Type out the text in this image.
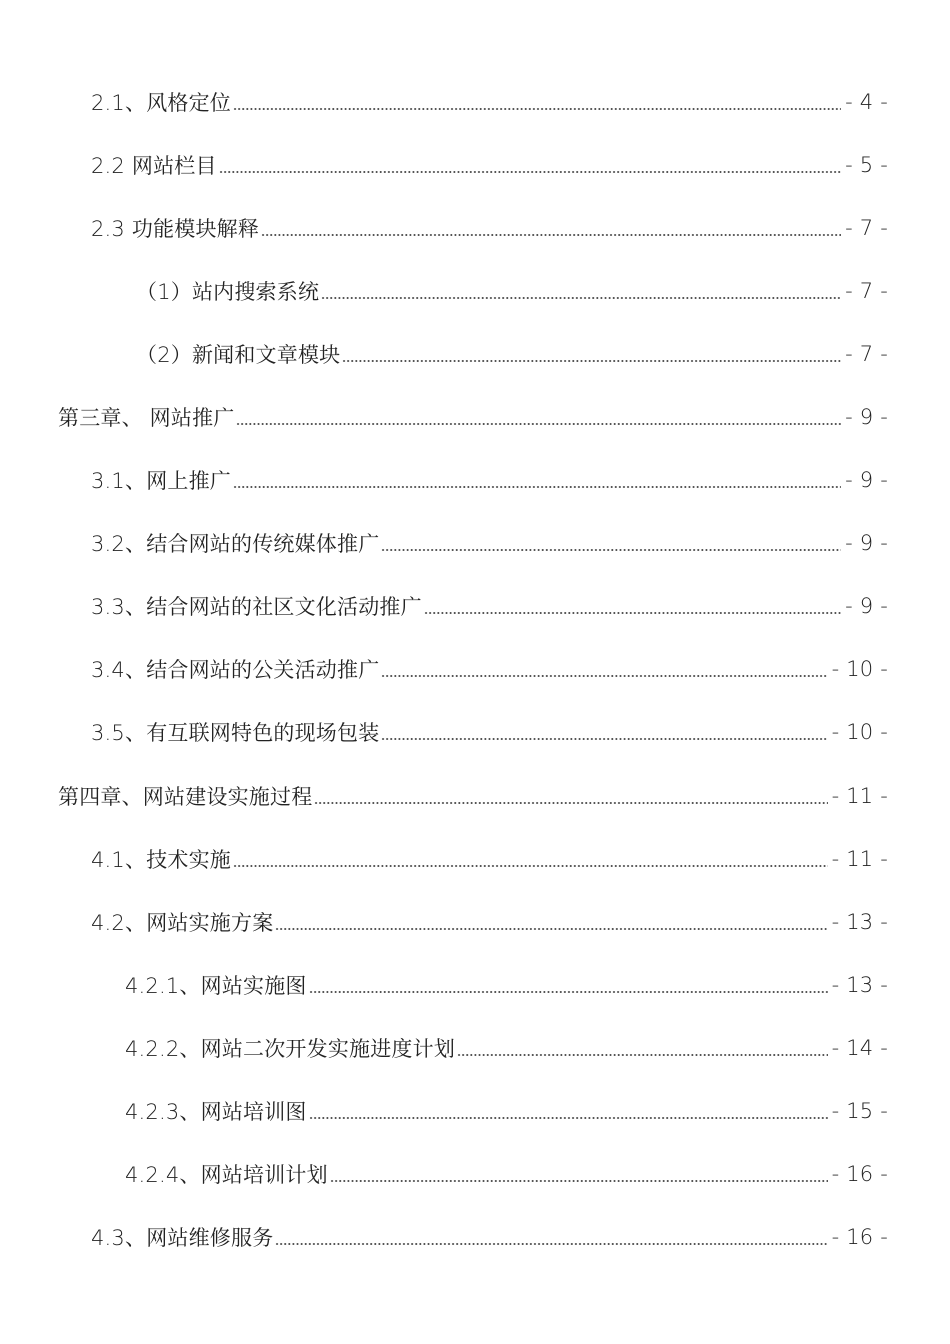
2.1、风格定位	- 4 -
2.2 网站栏目	- 5 -
2.3 功能模块解释	- 7 -
（1）站内搜索系统	- 7 -
（2）新闻和文章模块	- 7 -
第三章、 网站推广	- 9 -
3.1、网上推广	- 9 -
3.2、结合网站的传统媒体推广	- 9 -
3.3、结合网站的社区文化活动推广	- 9 -
3.4、结合网站的公关活动推广	- 10 -
3.5、有互联网特色的现场包装	- 10 -
第四章、网站建设实施过程	- 11 -
4.1、技术实施	- 11 -
4.2、网站实施方案	- 13 -
4.2.1、网站实施图	- 13 -
4.2.2、网站二次开发实施进度计划	- 14 -
4.2.3、网站培训图	- 15 -
4.2.4、网站培训计划	- 16 -
4.3、网站维修服务	- 16 -
